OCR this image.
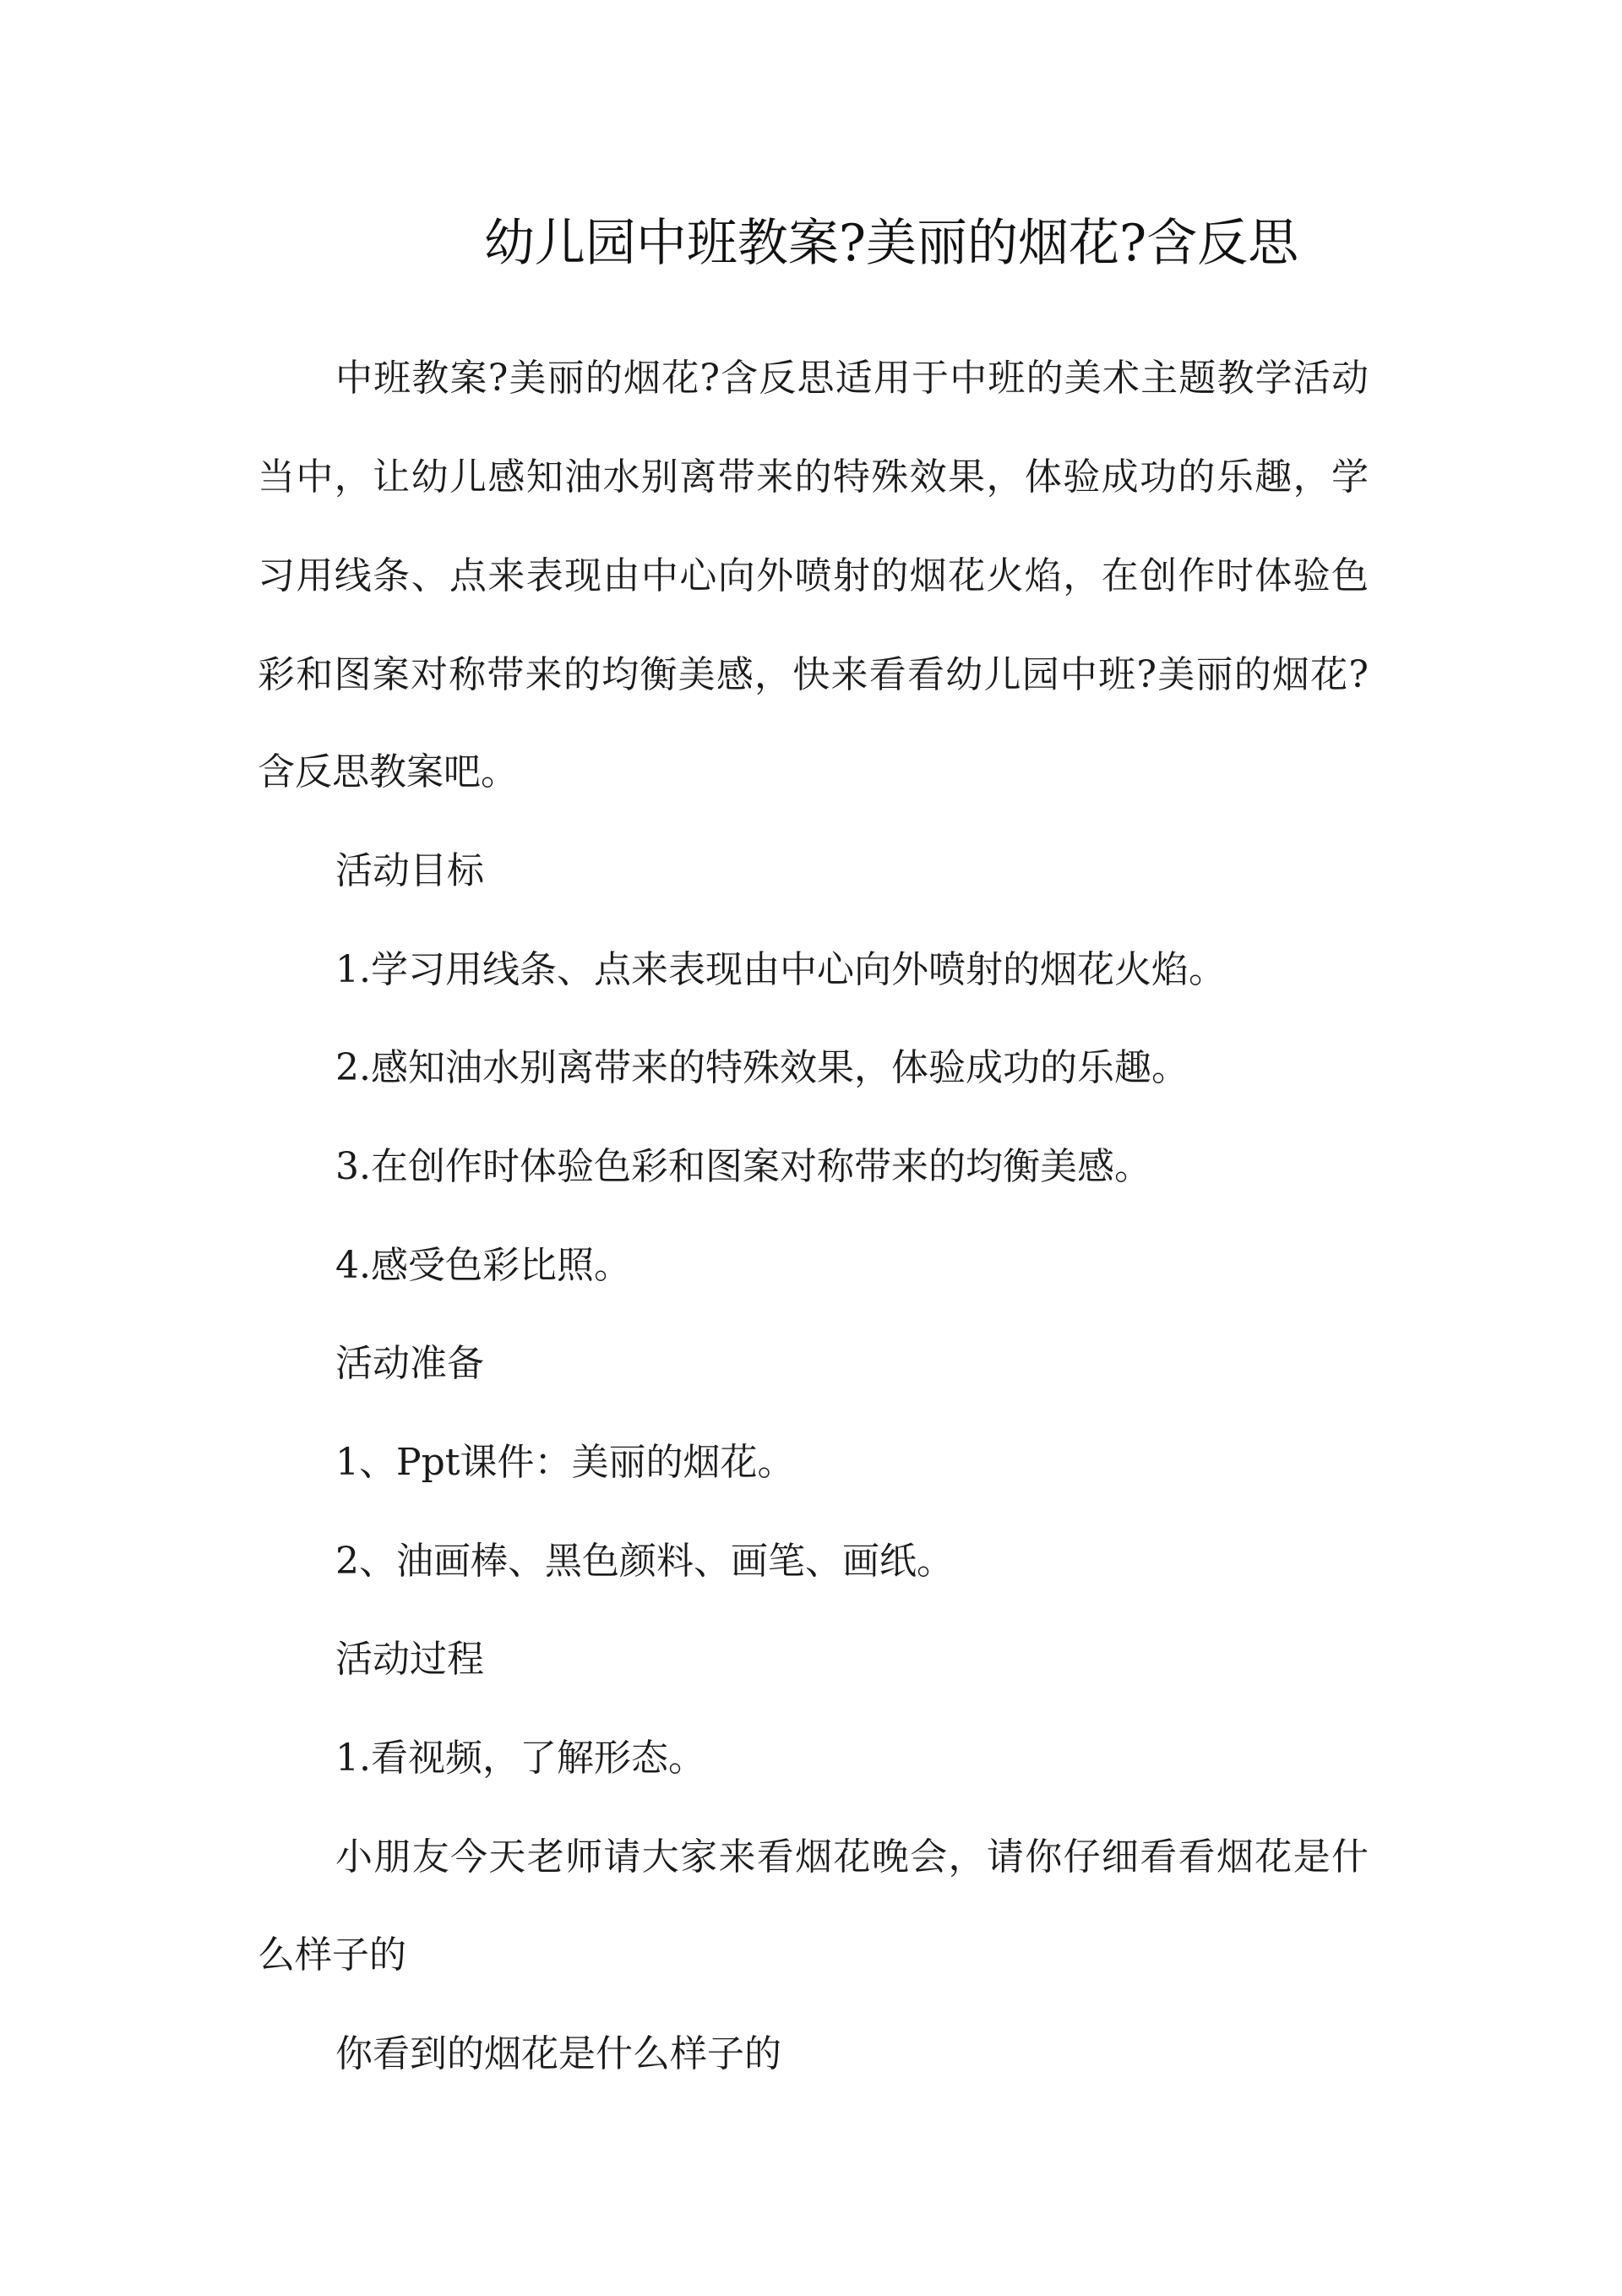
幼儿园中班教案?美丽的烟花?含反思
中班教案?美丽的烟花?含反思适用于中班的美术主题教学活动
当中，让幼儿感知油水别离带来的特殊效果，体验成功的乐趣，学
习用线条、点来表现由中心向外喷射的烟花火焰，在创作时体验色
彩和图案对称带来的均衡美感，快来看看幼儿园中班?美丽的烟花?
含反思教案吧。
活动目标
1.学习用线条、点来表现由中心向外喷射的烟花火焰。
2.感知油水别离带来的特殊效果，体验成功的乐趣。
3.在创作时体验色彩和图案对称带来的均衡美感。
4.感受色彩比照。
活动准备
1、Ppt课件：美丽的烟花。
2、油画棒、黑色颜料、画笔、画纸。
活动过程
1.看视频，了解形态。
小朋友今天老师请大家来看烟花晚会，请你仔细看看烟花是什
么样子的
你看到的烟花是什么样子的
